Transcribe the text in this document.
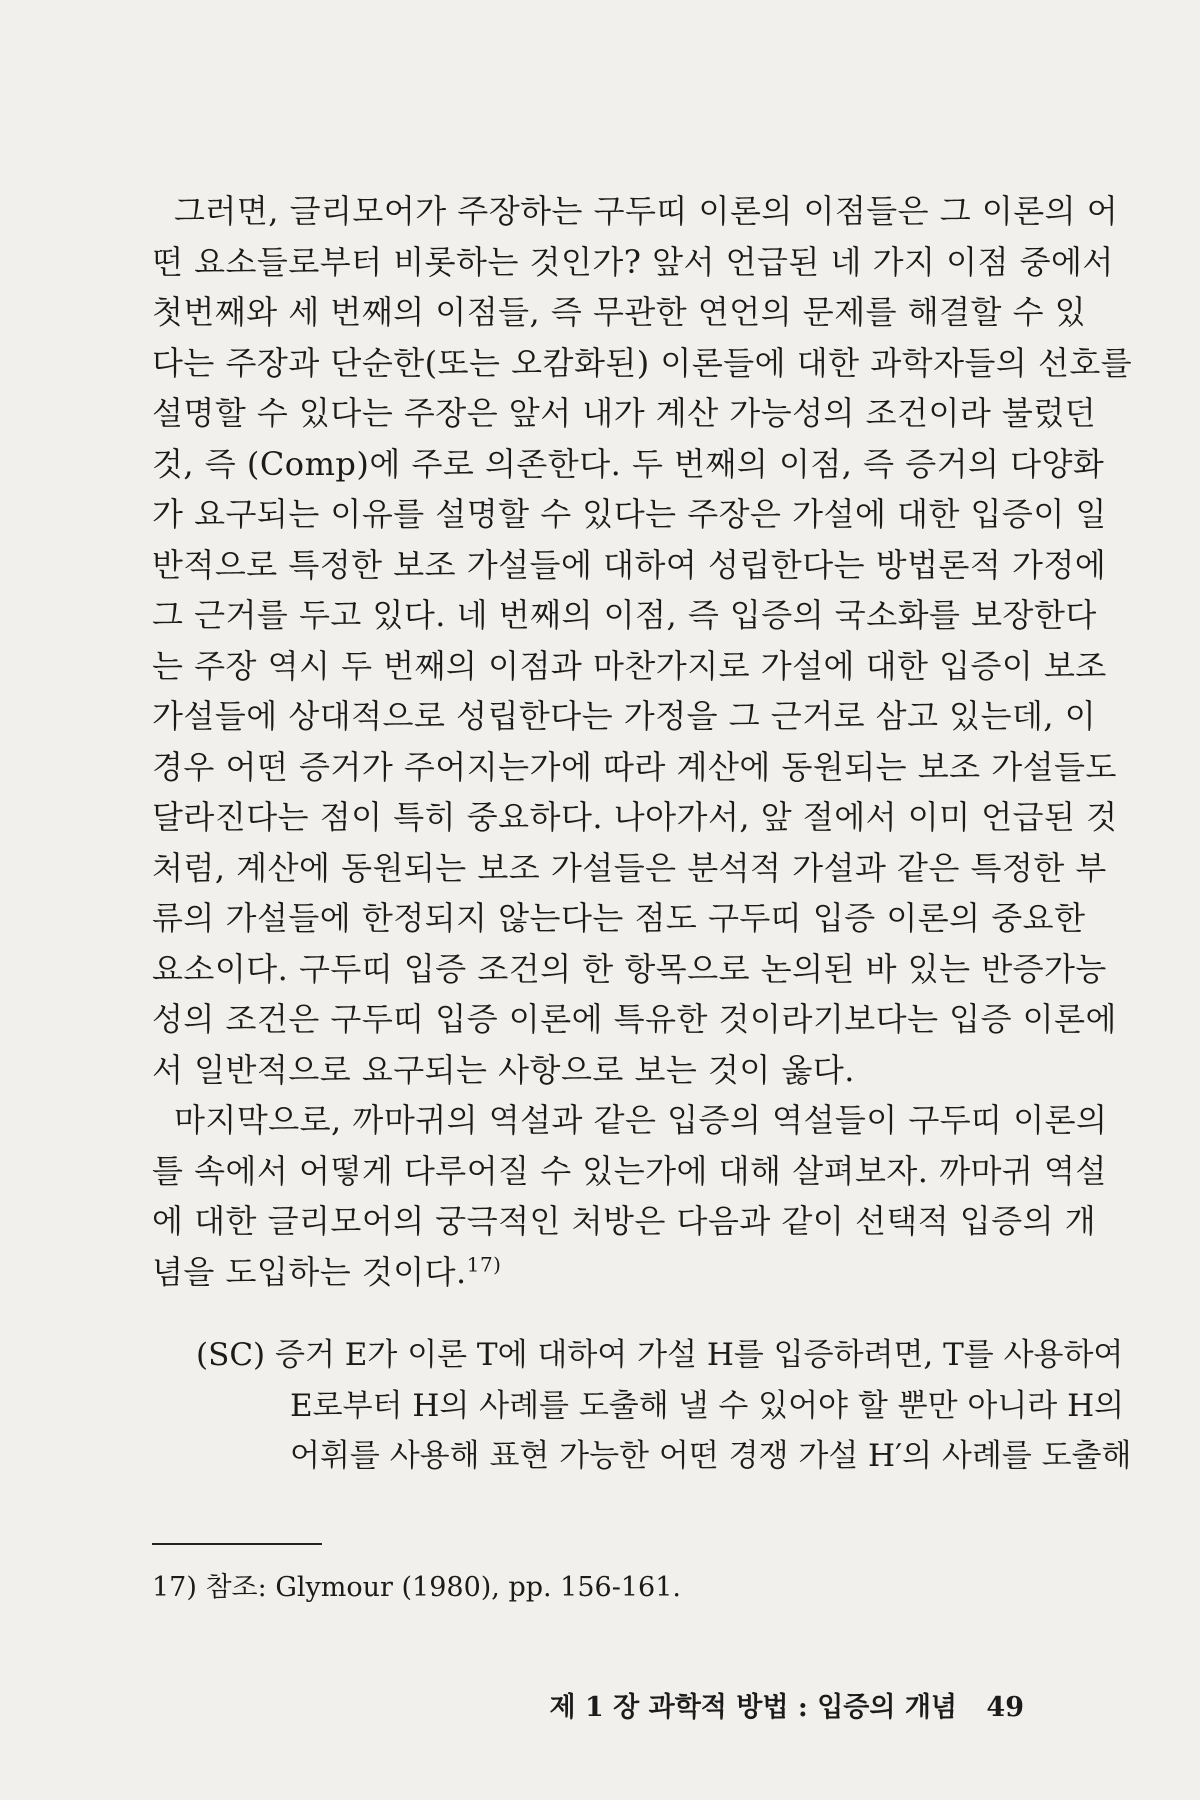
그러면, 글리모어가 주장하는 구두띠 이론의 이점들은 그 이론의 어
떤 요소들로부터 비롯하는 것인가? 앞서 언급된 네 가지 이점 중에서
첫번째와 세 번째의 이점들, 즉 무관한 연언의 문제를 해결할 수 있
다는 주장과 단순한(또는 오캄화된) 이론들에 대한 과학자들의 선호를
설명할 수 있다는 주장은 앞서 내가 계산 가능성의 조건이라 불렀던
것, 즉 (Comp)에 주로 의존한다. 두 번째의 이점, 즉 증거의 다양화
가 요구되는 이유를 설명할 수 있다는 주장은 가설에 대한 입증이 일
반적으로 특정한 보조 가설들에 대하여 성립한다는 방법론적 가정에
그 근거를 두고 있다. 네 번째의 이점, 즉 입증의 국소화를 보장한다
는 주장 역시 두 번째의 이점과 마찬가지로 가설에 대한 입증이 보조
가설들에 상대적으로 성립한다는 가정을 그 근거로 삼고 있는데, 이
경우 어떤 증거가 주어지는가에 따라 계산에 동원되는 보조 가설들도
달라진다는 점이 특히 중요하다. 나아가서, 앞 절에서 이미 언급된 것
처럼, 계산에 동원되는 보조 가설들은 분석적 가설과 같은 특정한 부
류의 가설들에 한정되지 않는다는 점도 구두띠 입증 이론의 중요한
요소이다. 구두띠 입증 조건의 한 항목으로 논의된 바 있는 반증가능
성의 조건은 구두띠 입증 이론에 특유한 것이라기보다는 입증 이론에
서 일반적으로 요구되는 사항으로 보는 것이 옳다.
마지막으로, 까마귀의 역설과 같은 입증의 역설들이 구두띠 이론의
틀 속에서 어떻게 다루어질 수 있는가에 대해 살펴보자. 까마귀 역설
에 대한 글리모어의 궁극적인 처방은 다음과 같이 선택적 입증의 개
념을 도입하는 것이다.$^{17)}$
(SC) 증거 E가 이론 T에 대하여 가설 H를 입증하려면, T를 사용하여
E로부터 H의 사례를 도출해 낼 수 있어야 할 뿐만 아니라 H의
어휘를 사용해 표현 가능한 어떤 경쟁 가설 H′의 사례를 도출해
17) 참조: Glymour (1980), pp. 156-161.
제 1 장 과학적 방법 : 입증의 개념 49
